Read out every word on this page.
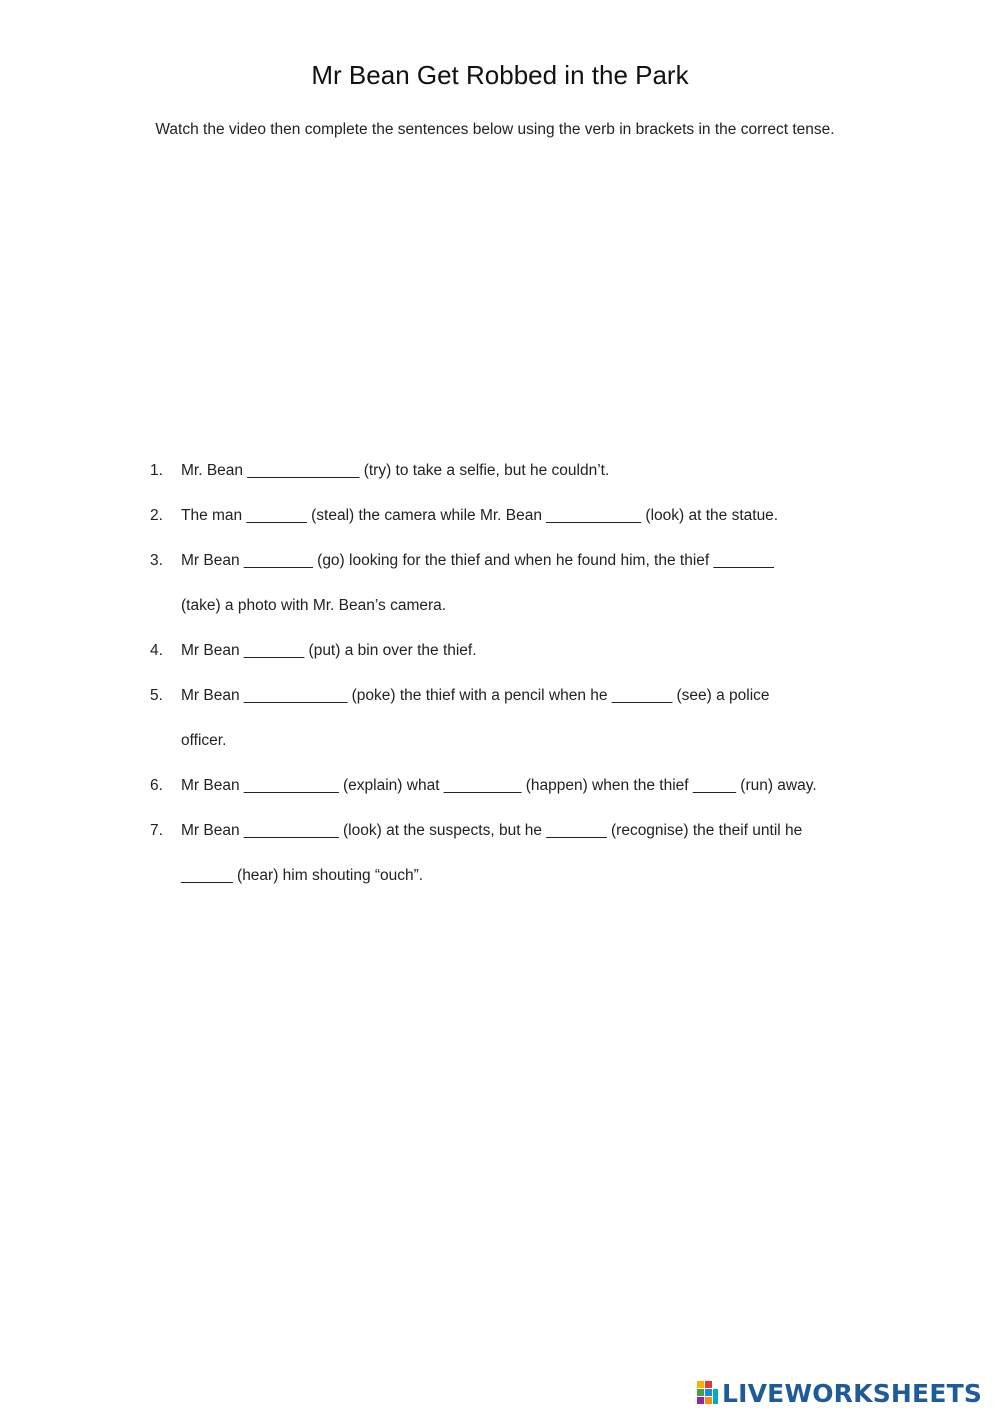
Mr Bean Get Robbed in the Park
Watch the video then complete the sentences below using the verb in brackets in the correct tense.
1.	Mr. Bean _____________ (try) to take a selfie, but he couldn’t.
2.	The man _______ (steal) the camera while Mr. Bean ___________ (look) at the statue.
3.	Mr Bean ________ (go) looking for the thief and when he found him, the thief _______
(take) a photo with Mr. Bean’s camera.
4.	Mr Bean _______ (put) a bin over the thief.
5.	Mr Bean ____________ (poke) the thief with a pencil when he _______ (see) a police
officer.
6.	Mr Bean ___________ (explain) what _________ (happen) when the thief _____ (run) away.
7.	Mr Bean ___________ (look) at the suspects, but he _______ (recognise) the theif until he
______ (hear) him shouting “ouch”.
LIVEWORKSHEETS
